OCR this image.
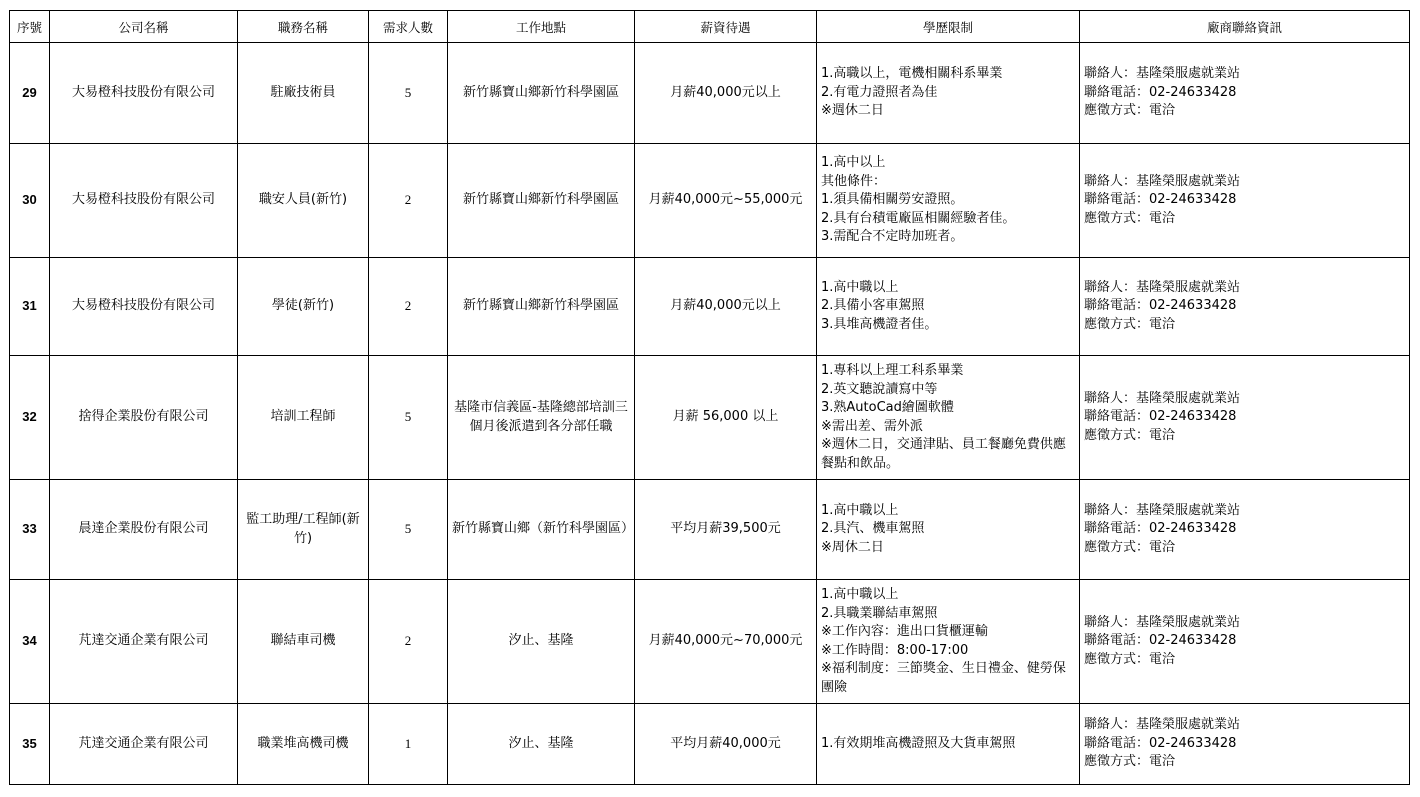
序號	公司名稱	職務名稱	需求人數	工作地點	薪資待遇	學歷限制	廠商聯絡資訊
29	大易橙科技股份有限公司	駐廠技術員	5	新竹縣寶山鄉新竹科學園區	月薪40,000元以上	1.高職以上，電機相關科系畢業
2.有電力證照者為佳
※週休二日	聯絡人：基隆榮服處就業站
聯絡電話：02-24633428
應徵方式：電洽

30	大易橙科技股份有限公司	職安人員(新竹)	2	新竹縣寶山鄉新竹科學園區	月薪40,000元~55,000元	1.高中以上
其他條件：
1.須具備相關勞安證照。
2.具有台積電廠區相關經驗者佳。
3.需配合不定時加班者。	聯絡人：基隆榮服處就業站
聯絡電話：02-24633428
應徵方式：電洽

31	大易橙科技股份有限公司	學徒(新竹)	2	新竹縣寶山鄉新竹科學園區	月薪40,000元以上	1.高中職以上
2.具備小客車駕照
3.具堆高機證者佳。	聯絡人：基隆榮服處就業站
聯絡電話：02-24633428
應徵方式：電洽

32	捨得企業股份有限公司	培訓工程師	5	基隆市信義區-基隆總部培訓三個月後派遣到各分部任職	月薪 56,000 以上	1.專科以上理工科系畢業
2.英文聽說讀寫中等
3.熟AutoCad繪圖軟體
※需出差、需外派
※週休二日，交通津貼、員工餐廳免費供應餐點和飲品。	聯絡人：基隆榮服處就業站
聯絡電話：02-24633428
應徵方式：電洽

33	晨達企業股份有限公司	監工助理/工程師(新竹)	5	新竹縣寶山鄉（新竹科學園區）	平均月薪39,500元	1.高中職以上
2.具汽、機車駕照
※周休二日	聯絡人：基隆榮服處就業站
聯絡電話：02-24633428
應徵方式：電洽

34	芃達交通企業有限公司	聯結車司機	2	汐止、基隆	月薪40,000元~70,000元	1.高中職以上
2.具職業聯結車駕照
※工作內容：進出口貨櫃運輸
※工作時間：8:00-17:00
※福利制度：三節獎金、生日禮金、健勞保團險	聯絡人：基隆榮服處就業站
聯絡電話：02-24633428
應徵方式：電洽

35	芃達交通企業有限公司	職業堆高機司機	1	汐止、基隆	平均月薪40,000元	1.有效期堆高機證照及大貨車駕照	聯絡人：基隆榮服處就業站
聯絡電話：02-24633428
應徵方式：電洽
